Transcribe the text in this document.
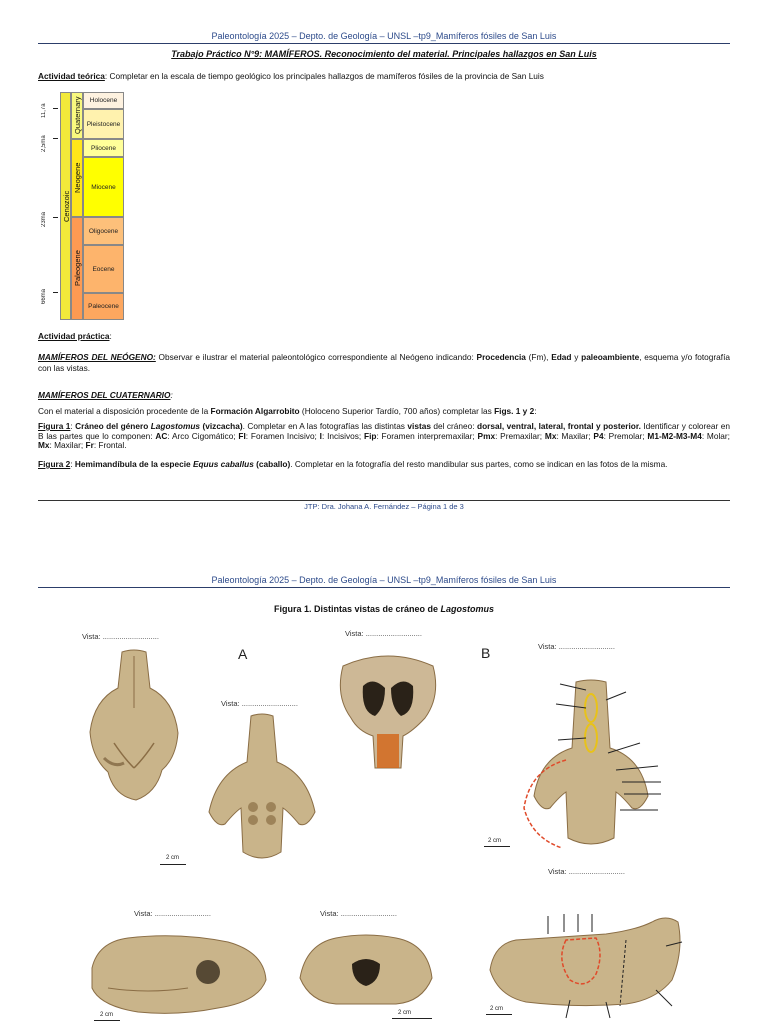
Paleontología 2025 – Depto. de Geología – UNSL –tp9_Mamíferos fósiles de San Luis
Trabajo Práctico N°9: MAMÍFEROS. Reconocimiento del material. Principales hallazgos en San Luis
Actividad teórica: Completar en la escala de tiempo geológico los principales hallazgos de mamíferos fósiles de la provincia de San Luis
11,7a
2,5ma
23ma
66ma
Cenozoic
Quaternary
Neogene
Paleogene
Holocene
Pleistocene
Pliocene
Miocene
Oligocene
Eocene
Paleocene
Actividad práctica:
MAMÍFEROS DEL NEÓGENO: Observar e ilustrar el material paleontológico correspondiente al Neógeno indicando: Procedencia (Fm), Edad y paleoambiente, esquema y/o fotografía con las vistas.
MAMÍFEROS DEL CUATERNARIO:
Con el material a disposición procedente de la Formación Algarrobito (Holoceno Superior Tardío, 700 años) completar las Figs. 1 y 2:
Figura 1: Cráneo del género Lagostomus (vizcacha). Completar en A las fotografías las distintas vistas del cráneo: dorsal, ventral, lateral, frontal y posterior. Identificar y colorear en B las partes que lo componen: AC: Arco Cigomático; FI: Foramen Incisivo; I: Incisivos; Fip: Foramen interpremaxilar; Pmx: Premaxilar; Mx: Maxilar; P4: Premolar; M1-M2-M3-M4: Molar; Mx: Maxilar; Fr: Frontal.
Figura 2: Hemimandíbula de la especie Equus caballus (caballo). Completar en la fotografía del resto mandibular sus partes, como se indican en las fotos de la misma.
JTP: Dra. Johana A. Fernández – Página 1 de 3
Paleontología 2025 – Depto. de Geología – UNSL –tp9_Mamíferos fósiles de San Luis
Figura 1. Distintas vistas de cráneo de Lagostomus
Vista: ...........................	Vista: ...........................
Vista: ...........................
Vista: ...........................
Vista: ...........................
Vista: ...........................	Vista: ...........................
A	B
2 cm
2 cm
2 cm	2 cm
2 cm
